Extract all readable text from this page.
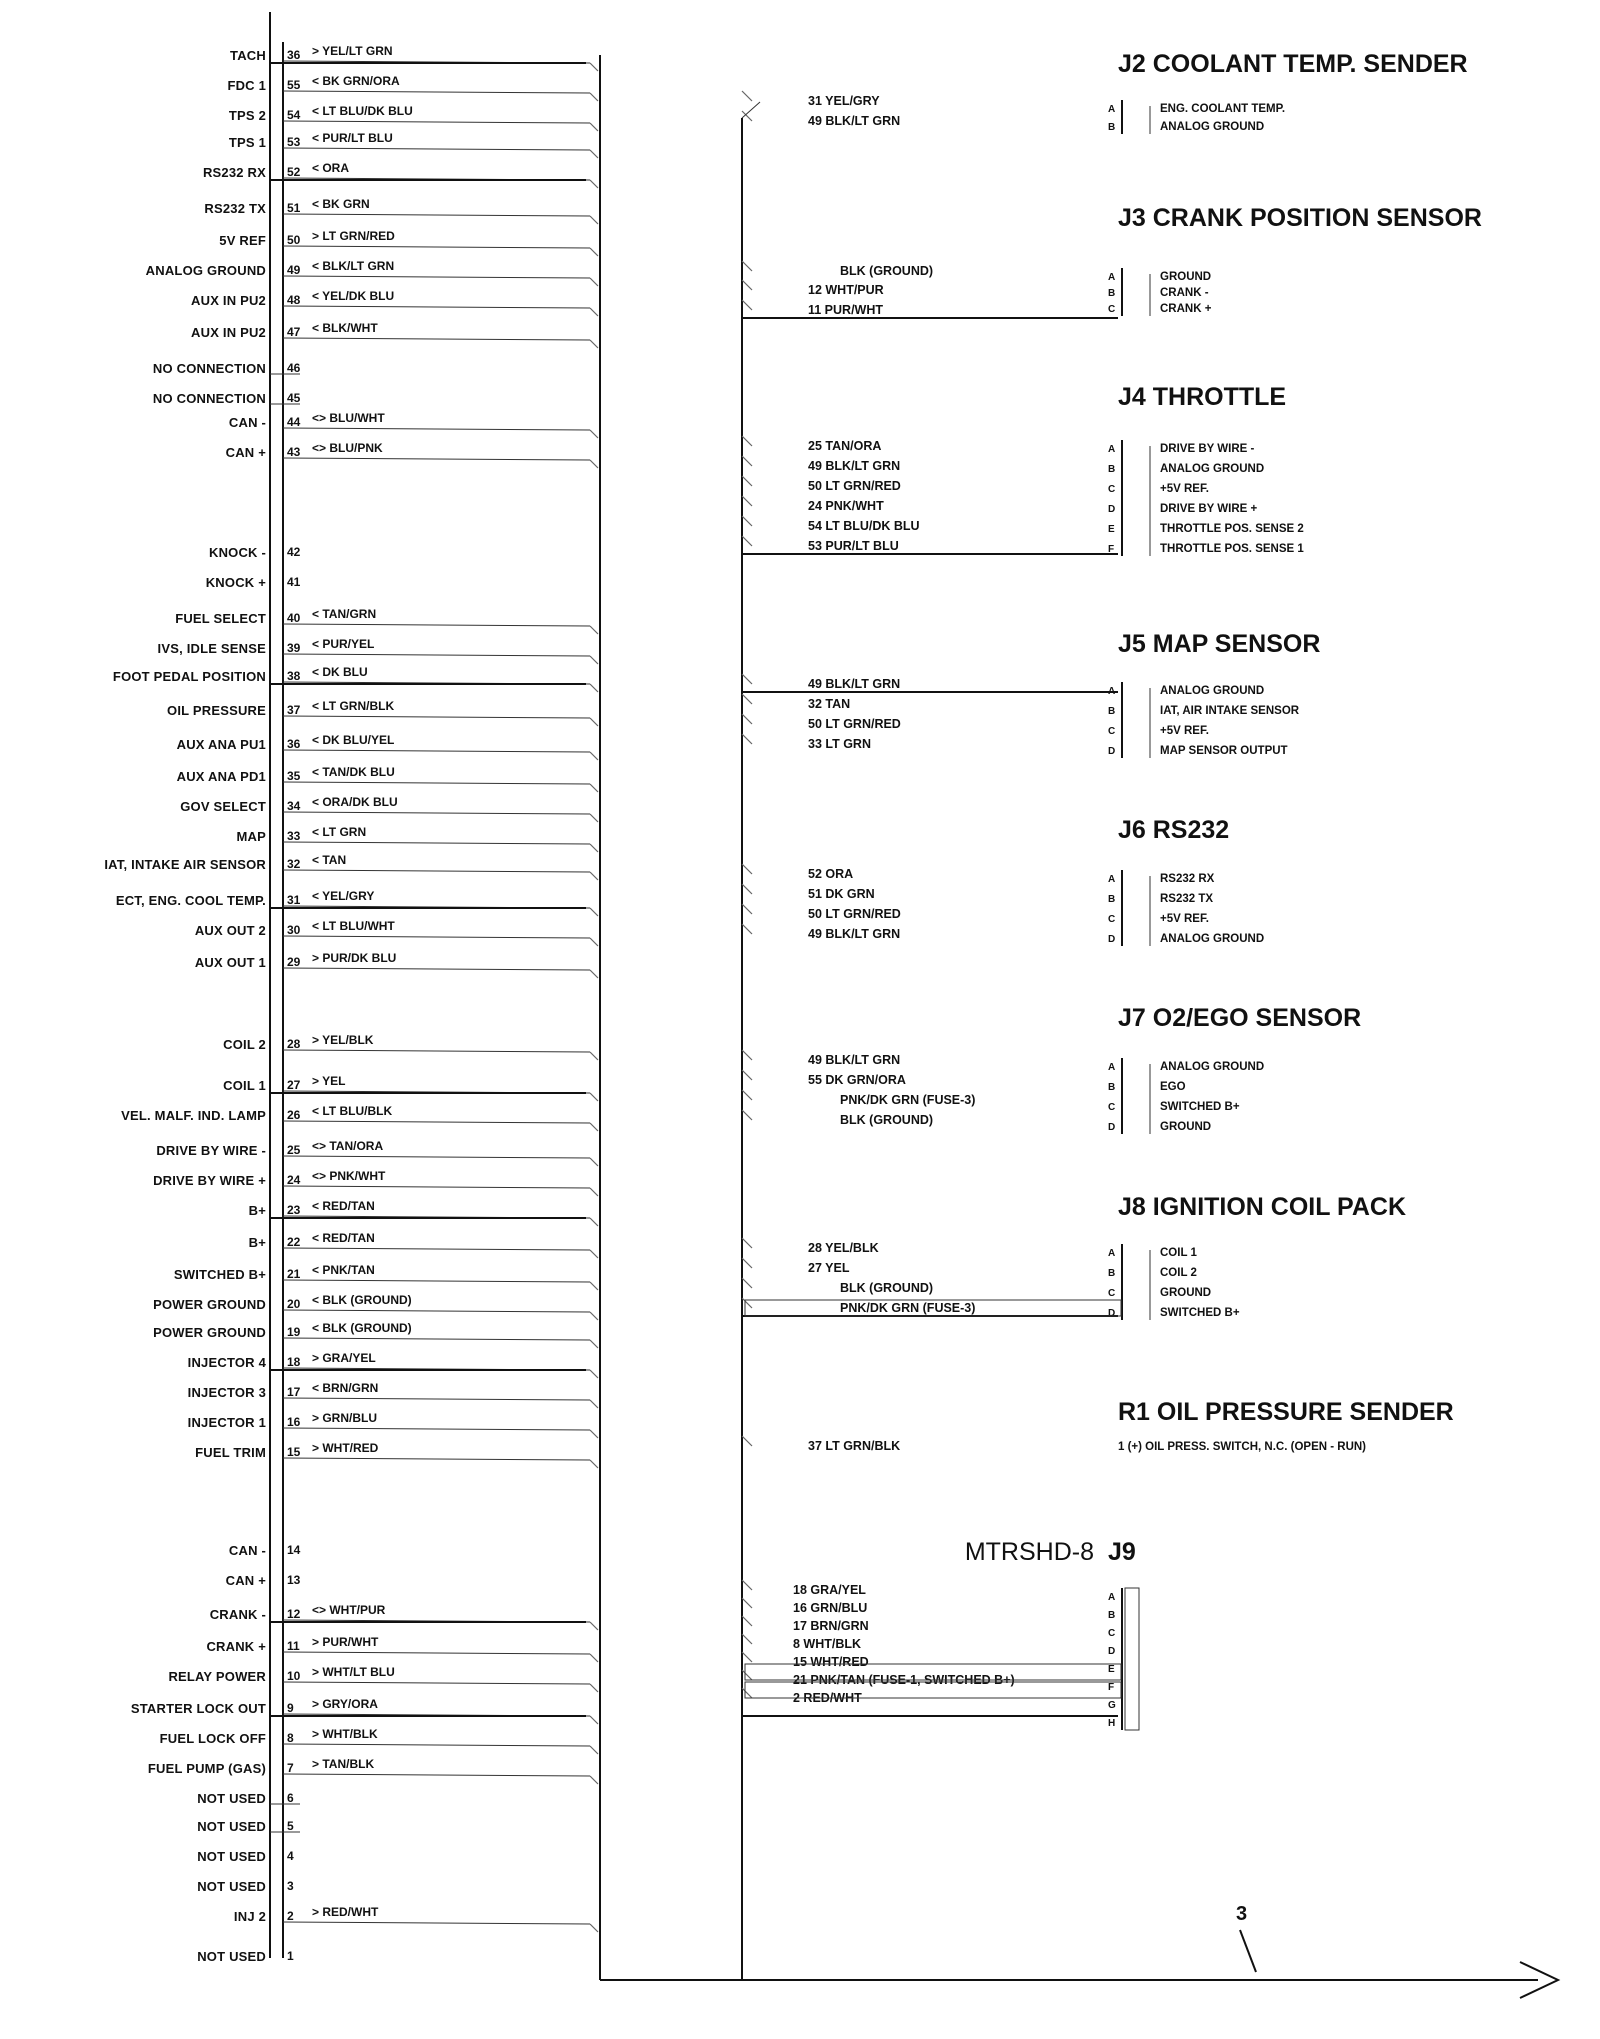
3
TACH 36 > YEL/LT GRN
FDC 1 55 < BK GRN/ORA
TPS 2 54 < LT BLU/DK BLU
TPS 1 53 < PUR/LT BLU
RS232 RX 52 < ORA
RS232 TX 51 < BK GRN
5V REF 50 > LT GRN/RED
ANALOG GROUND 49 < BLK/LT GRN
AUX IN PU2 48 < YEL/DK BLU
AUX IN PU2 47 < BLK/WHT
NO CONNECTION 46
NO CONNECTION 45
CAN - 44 <> BLU/WHT
CAN + 43 <> BLU/PNK
KNOCK - 42
KNOCK + 41
FUEL SELECT 40 < TAN/GRN
IVS, IDLE SENSE 39 < PUR/YEL
FOOT PEDAL POSITION 38 < DK BLU
OIL PRESSURE 37 < LT GRN/BLK
AUX ANA PU1 36 < DK BLU/YEL
AUX ANA PD1 35 < TAN/DK BLU
GOV SELECT 34 < ORA/DK BLU
MAP 33 < LT GRN
IAT, INTAKE AIR SENSOR 32 < TAN
ECT, ENG. COOL TEMP. 31 < YEL/GRY
AUX OUT 2 30 < LT BLU/WHT
AUX OUT 1 29 > PUR/DK BLU
COIL 2 28 > YEL/BLK
COIL 1 27 > YEL
VEL. MALF. IND. LAMP 26 < LT BLU/BLK
DRIVE BY WIRE - 25 <> TAN/ORA
DRIVE BY WIRE + 24 <> PNK/WHT
B+ 23 < RED/TAN
B+ 22 < RED/TAN
SWITCHED B+ 21 < PNK/TAN
POWER GROUND 20 < BLK (GROUND)
POWER GROUND 19 < BLK (GROUND)
INJECTOR 4 18 > GRA/YEL
INJECTOR 3 17 < BRN/GRN
INJECTOR 1 16 > GRN/BLU
FUEL TRIM 15 > WHT/RED
CAN - 14
CAN + 13
CRANK - 12 <> WHT/PUR
CRANK + 11 > PUR/WHT
RELAY POWER 10 > WHT/LT BLU
STARTER LOCK OUT 9 > GRY/ORA
FUEL LOCK OFF 8 > WHT/BLK
FUEL PUMP (GAS) 7 > TAN/BLK
NOT USED 6
NOT USED 5
NOT USED 4
NOT USED 3
INJ 2 2 > RED/WHT
NOT USED 1
J2 COOLANT TEMP. SENDER
31 YEL/GRY
49 BLK/LT GRN
A
B
ENG. COOLANT TEMP.
ANALOG GROUND
J3 CRANK POSITION SENSOR
BLK (GROUND)
12 WHT/PUR
11 PUR/WHT
A
B
C
GROUND
CRANK -
CRANK +
J4 THROTTLE
25 TAN/ORA
49 BLK/LT GRN
50 LT GRN/RED
24 PNK/WHT
54 LT BLU/DK BLU
53 PUR/LT BLU
A
B
C
D
E
F
DRIVE BY WIRE -
ANALOG GROUND
+5V REF.
DRIVE BY WIRE +
THROTTLE POS. SENSE 2
THROTTLE POS. SENSE 1
J5 MAP SENSOR
49 BLK/LT GRN
32 TAN
50 LT GRN/RED
33 LT GRN
A
B
C
D
ANALOG GROUND
IAT, AIR INTAKE SENSOR
+5V REF.
MAP SENSOR OUTPUT
J6 RS232
52 ORA
51 DK GRN
50 LT GRN/RED
49 BLK/LT GRN
A
B
C
D
RS232 RX
RS232 TX
+5V REF.
ANALOG GROUND
J7 O2/EGO SENSOR
49 BLK/LT GRN
55 DK GRN/ORA
PNK/DK GRN (FUSE-3)
BLK (GROUND)
A
B
C
D
ANALOG GROUND
EGO
SWITCHED B+
GROUND
J8 IGNITION COIL PACK
28 YEL/BLK
27 YEL
BLK (GROUND)
PNK/DK GRN (FUSE-3)
A
B
C
D
COIL 1
COIL 2
GROUND
SWITCHED B+
R1 OIL PRESSURE SENDER
37 LT GRN/BLK	1 (+) OIL PRESS. SWITCH, N.C. (OPEN - RUN)
J9
MTRSHD-8
18 GRA/YEL
16 GRN/BLU
17 BRN/GRN
8 WHT/BLK
15 WHT/RED
21 PNK/TAN (FUSE-1, SWITCHED B+)
2 RED/WHT
A
B
C
D
E
F
G
H
